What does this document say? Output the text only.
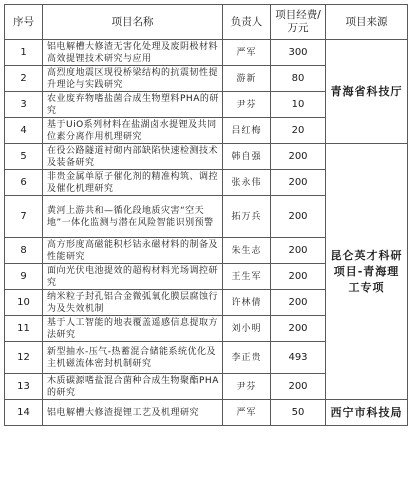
序号	项目名称	负责人	项目经费/万元	项目来源
1	铝电解槽大修渣无害化处理及废阴极材料高效提锂技术研究与应用	严军	300	青海省科技厅
2	高烈度地震区现役桥梁结构的抗震韧性提升理论与实践研究	游新	80	
3	农业废弃物嗜盐菌合成生物塑料PHA的研究	尹芬	10	
4	基于UiO系列材料在盐湖卤水提锂及共同位素分离作用机理研究	吕红梅	20	
5	在役公路隧道衬砌内部缺陷快速检测技术及装备研究	韩自强	200	昆仑英才科研项目-青海理工专项
6	非贵金属单原子催化剂的精准构筑、调控及催化机理研究	张永伟	200	
7	黄河上游共和—循化段地质灾害“空天地”一体化监测与潜在风险智能识别预警	拓万兵	200	
8	高方形度高磁能积杉钴永磁材料的制备及性能研究	朱生志	200	
9	面向光伏电池提效的超构材料光场调控研究	王生军	200	
10	纳米粒子封孔铝合金微弧氧化膜层腐蚀行为及失效机制	许林倩	200	
11	基于人工智能的地表覆盖遥感信息提取方法研究	刘小明	200	
12	新型抽水-压气-热蓄混合储能系统优化及主机磁流体密封机制研究	李正贵	493	
13	木质碳源嗜盐混合菌种合成生物聚酯PHA的研究	尹芬	200	
14	铝电解槽大修渣提锂工艺及机理研究	严军	50	西宁市科技局
